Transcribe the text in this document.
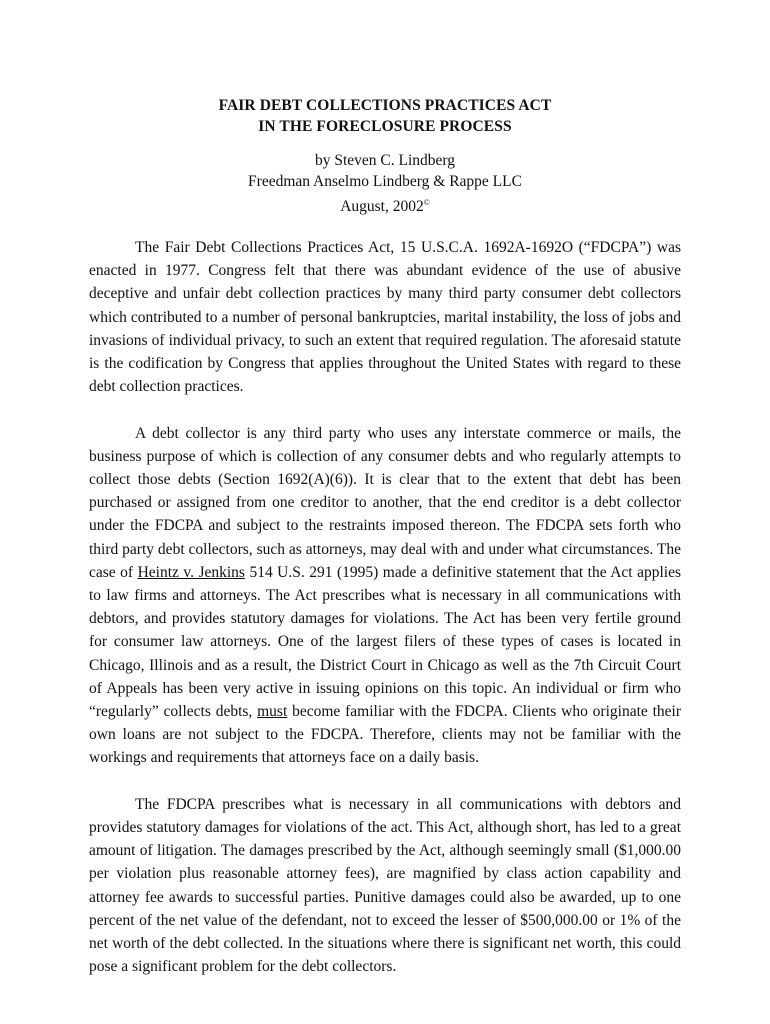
FAIR DEBT COLLECTIONS PRACTICES ACT
IN THE FORECLOSURE PROCESS
by Steven C. Lindberg
Freedman Anselmo Lindberg & Rappe LLC
August, 2002©

The Fair Debt Collections Practices Act, 15 U.S.C.A. 1692A-1692O (“FDCPA”) was enacted in 1977. Congress felt that there was abundant evidence of the use of abusive deceptive and unfair debt collection practices by many third party consumer debt collectors which contributed to a number of personal bankruptcies, marital instability, the loss of jobs and invasions of individual privacy, to such an extent that required regulation. The aforesaid statute is the codification by Congress that applies throughout the United States with regard to these debt collection practices.

A debt collector is any third party who uses any interstate commerce or mails, the business purpose of which is collection of any consumer debts and who regularly attempts to collect those debts (Section 1692(A)(6)). It is clear that to the extent that debt has been purchased or assigned from one creditor to another, that the end creditor is a debt collector under the FDCPA and subject to the restraints imposed thereon. The FDCPA sets forth who third party debt collectors, such as attorneys, may deal with and under what circumstances. The case of Heintz v. Jenkins 514 U.S. 291 (1995) made a definitive statement that the Act applies to law firms and attorneys. The Act prescribes what is necessary in all communications with debtors, and provides statutory damages for violations. The Act has been very fertile ground for consumer law attorneys. One of the largest filers of these types of cases is located in Chicago, Illinois and as a result, the District Court in Chicago as well as the 7th Circuit Court of Appeals has been very active in issuing opinions on this topic. An individual or firm who “regularly” collects debts, must become familiar with the FDCPA. Clients who originate their own loans are not subject to the FDCPA. Therefore, clients may not be familiar with the workings and requirements that attorneys face on a daily basis.

The FDCPA prescribes what is necessary in all communications with debtors and provides statutory damages for violations of the act. This Act, although short, has led to a great amount of litigation. The damages prescribed by the Act, although seemingly small ($1,000.00 per violation plus reasonable attorney fees), are magnified by class action capability and attorney fee awards to successful parties. Punitive damages could also be awarded, up to one percent of the net value of the defendant, not to exceed the lesser of $500,000.00 or 1% of the net worth of the debt collected. In the situations where there is significant net worth, this could pose a significant problem for the debt collectors.
